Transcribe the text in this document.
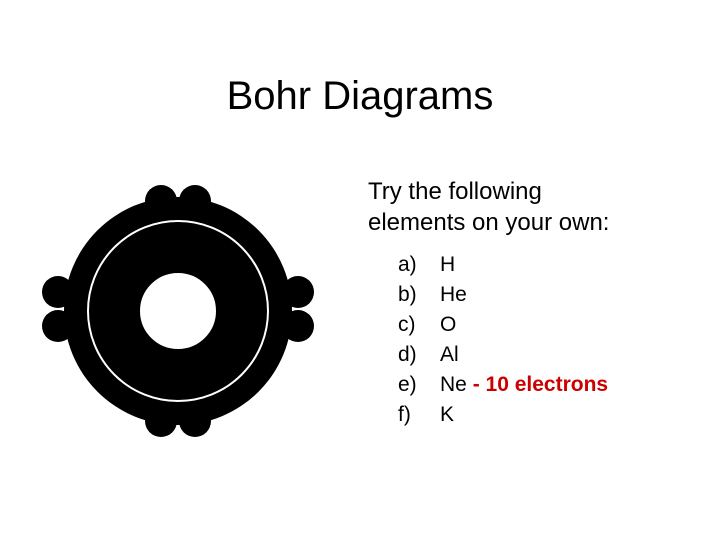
Bohr Diagrams
Try the following
elements on your own:
a) H
b) He
c) O
d) Al
e) Ne - 10 electrons
f) K
